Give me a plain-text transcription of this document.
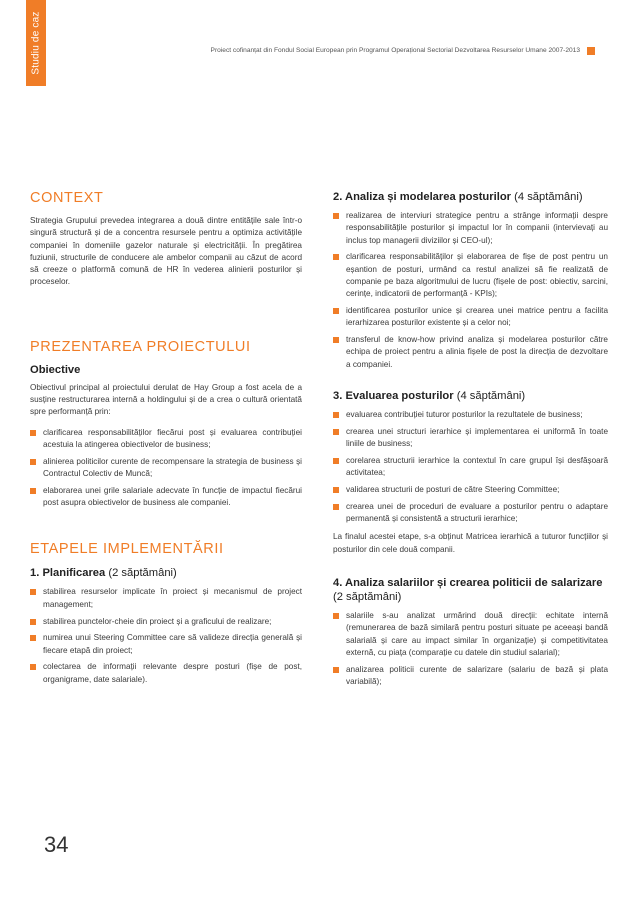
Studiu de caz	Proiect cofinanțat din Fondul Social European prin Programul Operațional Sectorial Dezvoltarea Resurselor Umane 2007-2013
CONTEXT

Strategia Grupului prevedea integrarea a două dintre entitățile sale într-o singură structură și de a concentra resursele pentru a optimiza activitățile companiei în domeniile gazelor naturale și electricității. În pregătirea fuziunii, structurile de conducere ale ambelor companii au căzut de acord să creeze o platformă comună de HR în vederea alinierii posturilor și proceselor.

PREZENTAREA PROIECTULUI
Obiective

Obiectivul principal al proiectului derulat de Hay Group a fost acela de a susține restructurarea internă a holdingului și de a crea o cultură orientată spre performanță prin:

clarificarea responsabilităților fiecărui post și evaluarea contribuției acestuia la atingerea obiectivelor de business;
alinierea politicilor curente de recompensare la strategia de business și Contractul Colectiv de Muncă;
elaborarea unei grile salariale adecvate în funcție de impactul fiecărui post asupra obiectivelor de business ale companiei.
ETAPELE IMPLEMENTĂRII
1. Planificarea (2 săptămâni)
stabilirea resurselor implicate în proiect și mecanismul de project management;
stabilirea punctelor-cheie din proiect și a graficului de realizare;
numirea unui Steering Committee care să valideze direcția generală și fiecare etapă din proiect;
colectarea de informații relevante despre posturi (fișe de post, organigrame, date salariale).
2. Analiza și modelarea posturilor (4 săptămâni)
realizarea de interviuri strategice pentru a strânge informații despre responsabilitățile posturilor și impactul lor în companii (intervievați au inclus top managerii diviziilor și CEO-ul);
clarificarea responsabilităților și elaborarea de fișe de post pentru un eșantion de posturi, urmând ca restul analizei să fie realizată de companie pe baza algoritmului de lucru (fișele de post: obiectiv, sarcini, cerințe, indicatorii de performanță - KPIs);
identificarea posturilor unice și crearea unei matrice pentru a facilita ierarhizarea posturilor existente și a celor noi;
transferul de know-how privind analiza și modelarea posturilor către echipa de proiect pentru a alinia fișele de post la direcția de dezvoltare a companiei.
3. Evaluarea posturilor (4 săptămâni)
evaluarea contribuției tuturor posturilor la rezultatele de business;
crearea unei structuri ierarhice și implementarea ei uniformă în toate liniile de business;
corelarea structurii ierarhice la contextul în care grupul își desfășoară activitatea;
validarea structurii de posturi de către Steering Committee;
crearea unei de proceduri de evaluare a posturilor pentru o adaptare permanentă și consistentă a structurii ierarhice;

La finalul acestei etape, s-a obținut Matricea ierarhică a tuturor funcțiilor și posturilor din cele două companii.

4. Analiza salariilor și crearea politicii de salarizare
(2 săptămâni)
salariile s-au analizat urmărind două direcții: echitate internă (remunerarea de bază similară pentru posturi situate pe aceeași bandă salarială și care au impact similar în organizație) și competitivitatea externă, cu piața (comparație cu datele din studiul salarial);
analizarea politicii curente de salarizare (salariu de bază și plata variabilă);
34
